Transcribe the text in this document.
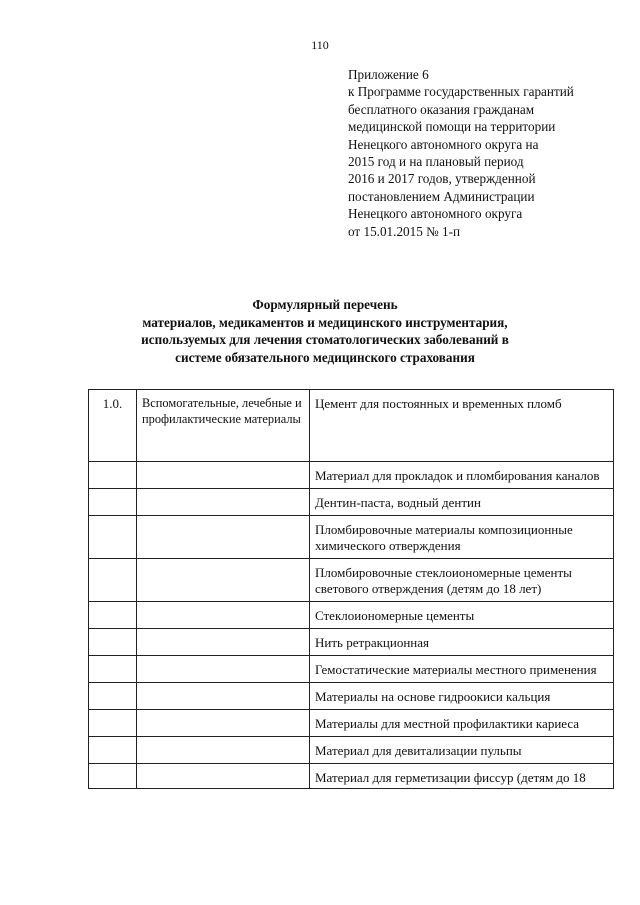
110
Приложение 6
к Программе государственных гарантий
бесплатного оказания гражданам
медицинской помощи на территории
Ненецкого автономного округа на
2015 год и на плановый период
2016 и 2017 годов, утвержденной
постановлением Администрации
Ненецкого автономного округа
от 15.01.2015 № 1-п
Формулярный перечень
материалов, медикаментов и медицинского инструментария,
используемых для лечения стоматологических заболеваний в
системе обязательного медицинского страхования
1.0.	Вспомогательные, лечебные и профилактические материалы	Цемент для постоянных и временных пломб
		Материал для прокладок и пломбирования каналов
		Дентин-паста, водный дентин
		Пломбировочные материалы композиционные химического отверждения
		Пломбировочные стеклоиономерные цементы светового отверждения (детям до 18 лет)
		Стеклоиономерные цементы
		Нить ретракционная
		Гемостатические материалы местного применения
		Материалы на основе гидроокиси кальция
		Материалы для местной профилактики кариеса
		Материал для девитализации пульпы
		Материал для герметизации фиссур (детям до 18
